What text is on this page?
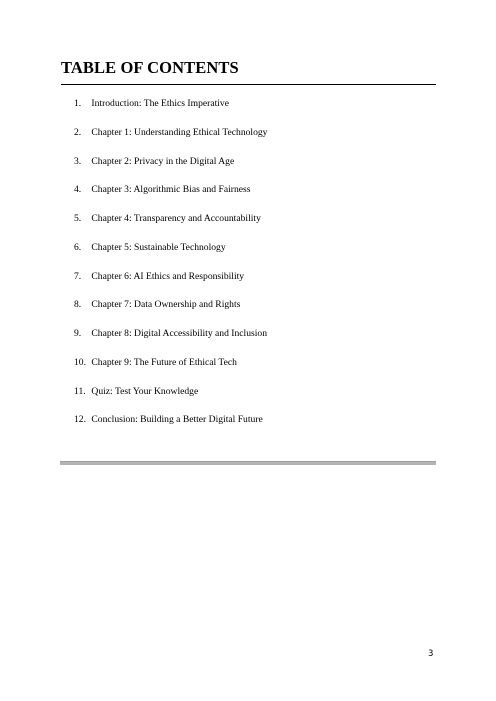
TABLE OF CONTENTS
1. Introduction: The Ethics Imperative
2. Chapter 1: Understanding Ethical Technology
3. Chapter 2: Privacy in the Digital Age
4. Chapter 3: Algorithmic Bias and Fairness
5. Chapter 4: Transparency and Accountability
6. Chapter 5: Sustainable Technology
7. Chapter 6: AI Ethics and Responsibility
8. Chapter 7: Data Ownership and Rights
9. Chapter 8: Digital Accessibility and Inclusion
10. Chapter 9: The Future of Ethical Tech
11. Quiz: Test Your Knowledge
12. Conclusion: Building a Better Digital Future
3
